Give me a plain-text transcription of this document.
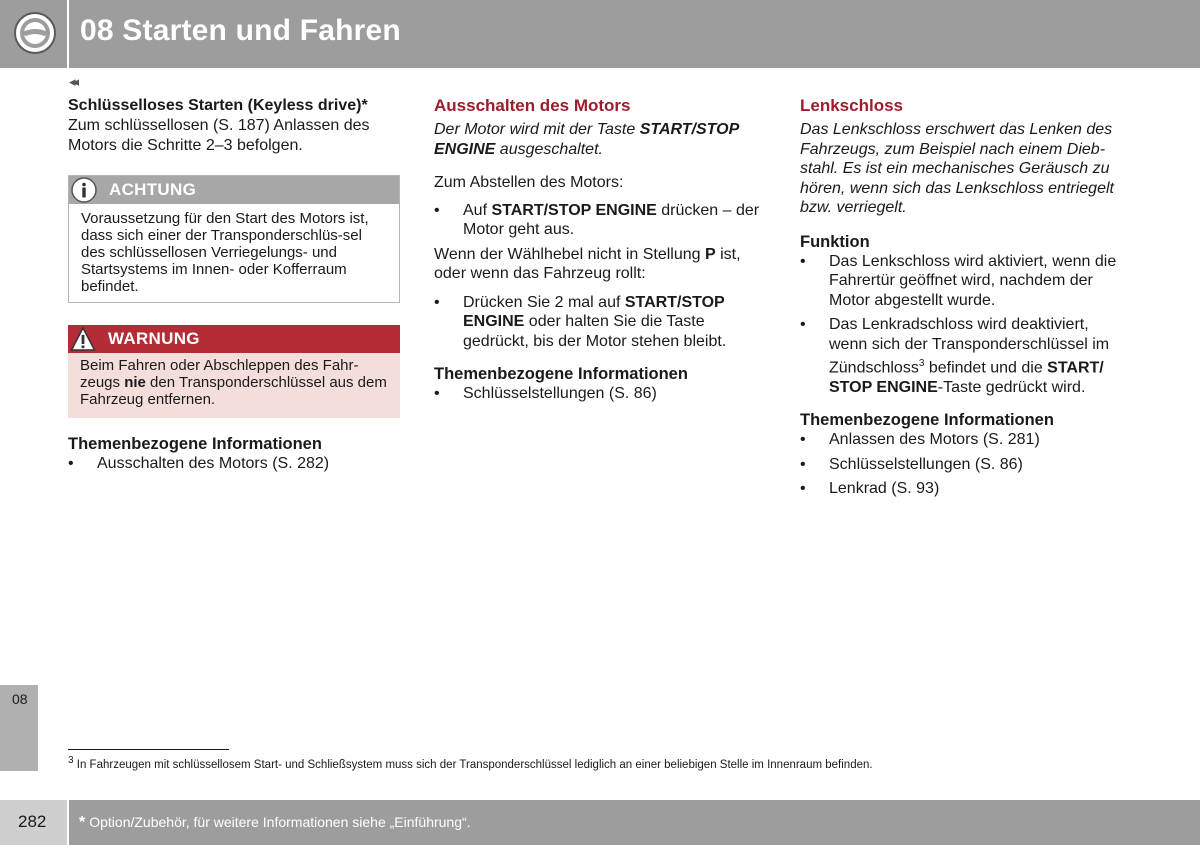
08 Starten und Fahren
◂◂

Schlüsselloses Starten (Keyless drive)*

Zum schlüssellosen (S. 187) Anlassen des Motors die Schritte 2–3 befolgen.

ACHTUNG
Voraussetzung für den Start des Motors ist, dass sich einer der Transponderschlüs-sel des schlüssellosen Verriegelungs- und Startsystems im Innen- oder Kofferraum befindet.
WARNUNG
Beim Fahren oder Abschleppen des Fahr-zeugs nie den Transponderschlüssel aus dem Fahrzeug entfernen.

Themenbezogene Informationen

• Ausschalten des Motors (S. 282)

Ausschalten des Motors

Der Motor wird mit der Taste START/STOP ENGINE ausgeschaltet.

Zum Abstellen des Motors:

• Auf START/STOP ENGINE drücken – der Motor geht aus.

Wenn der Wählhebel nicht in Stellung P ist, oder wenn das Fahrzeug rollt:

• Drücken Sie 2 mal auf START/STOP ENGINE oder halten Sie die Taste gedrückt, bis der Motor stehen bleibt.

Themenbezogene Informationen

• Schlüsselstellungen (S. 86)

Lenkschloss

Das Lenkschloss erschwert das Lenken des Fahrzeugs, zum Beispiel nach einem Dieb-stahl. Es ist ein mechanisches Geräusch zu hören, wenn sich das Lenkschloss entriegelt bzw. verriegelt.

Funktion

• Das Lenkschloss wird aktiviert, wenn die Fahrertür geöffnet wird, nachdem der Motor abgestellt wurde.
• Das Lenkradschloss wird deaktiviert, wenn sich der Transponderschlüssel im Zündschloss$^3$ befindet und die START/ STOP ENGINE-Taste gedrückt wird.

Themenbezogene Informationen

• Anlassen des Motors (S. 281)
• Schlüsselstellungen (S. 86)
• Lenkrad (S. 93)
08
$^3$ In Fahrzeugen mit schlüssellosem Start- und Schließsystem muss sich der Transponderschlüssel lediglich an einer beliebigen Stelle im Innenraum befinden.
282 * Option/Zubehör, für weitere Informationen siehe „Einführung“.
